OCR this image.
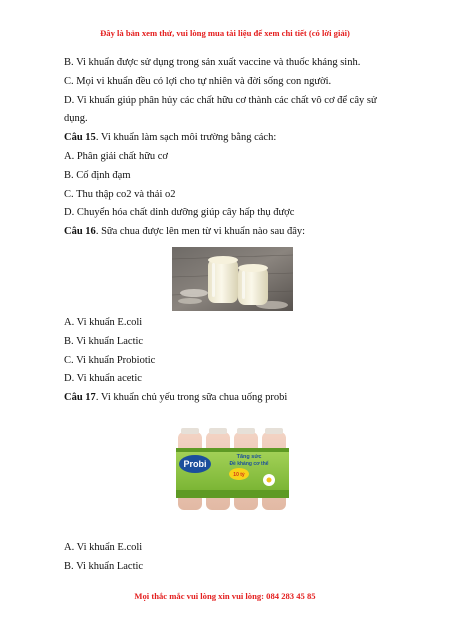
Đây là bản xem thử, vui lòng mua tài liệu để xem chi tiết (có lời giải)

B. Vi khuẩn được sử dụng trong sản xuất vaccine và thuốc kháng sinh.

C. Mọi vi khuẩn đều có lợi cho tự nhiên và đời sống con người.

D. Vi khuẩn giúp phân hủy các chất hữu cơ thành các chất vô cơ để cây sử dụng.

Câu 15. Vi khuẩn làm sạch môi trường bằng cách:

A. Phân giải chất hữu cơ

B. Cố định đạm

C. Thu thập co2 và thải o2

D. Chuyển hóa chất dinh dưỡng giúp cây hấp thụ được

Câu 16. Sữa chua được lên men từ vi khuẩn nào sau đây:

A. Vi khuẩn E.coli

B. Vi khuẩn Lactic

C. Vi khuẩn Probiotic

D. Vi khuẩn acetic

Câu 17. Vi khuẩn chủ yếu trong sữa chua uống probi

Probi
Tăng sức
Đề kháng cơ thể
10 tỷ

A. Vi khuẩn E.coli

B. Vi khuẩn Lactic

Mọi thắc mắc vui lòng xin vui lòng: 084 283 45 85
